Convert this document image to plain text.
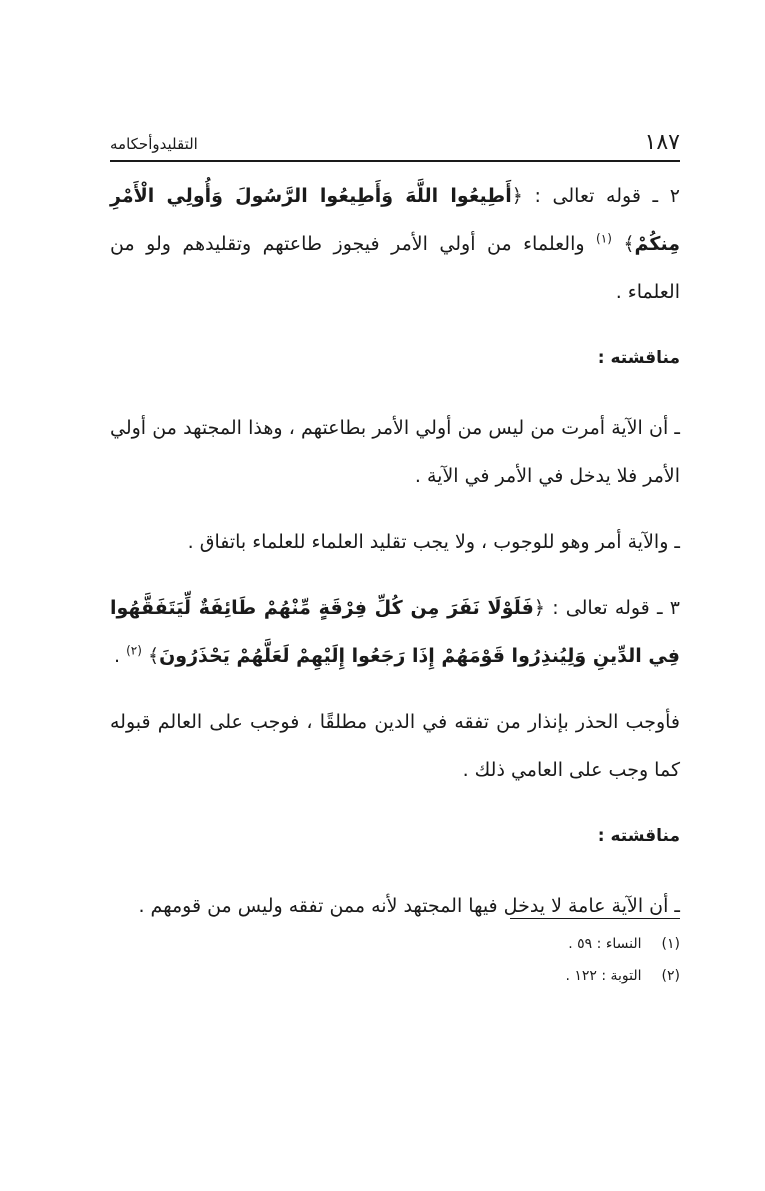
١٨٧
التقليدوأحكامه

٢ ـ قوله تعالى : ﴿أَطِيعُوا اللَّهَ وَأَطِيعُوا الرَّسُولَ وَأُولِي الْأَمْرِ مِنكُمْ﴾ $^{(١)}$ والعلماء من أولي الأمر فيجوز طاعتهم وتقليدهم ولو من العلماء .

مناقشته :

ـ أن الآية أمرت من ليس من أولي الأمر بطاعتهم ، وهذا المجتهد من أولي الأمر فلا يدخل في الأمر في الآية .

ـ والآية أمر وهو للوجوب ، ولا يجب تقليد العلماء للعلماء باتفاق .

٣ ـ قوله تعالى : ﴿فَلَوْلَا نَفَرَ مِن كُلِّ فِرْقَةٍ مِّنْهُمْ طَائِفَةٌ لِّيَتَفَقَّهُوا فِي الدِّينِ وَلِيُنذِرُوا قَوْمَهُمْ إِذَا رَجَعُوا إِلَيْهِمْ لَعَلَّهُمْ يَحْذَرُونَ﴾ $^{(٢)}$ .

فأوجب الحذر بإنذار من تفقه في الدين مطلقًا ، فوجب على العالم قبوله كما وجب على العامي ذلك .

مناقشته :

ـ أن الآية عامة لا يدخل فيها المجتهد لأنه ممن تفقه وليس من قومهم .

(١) النساء : ٥٩ .
(٢) التوبة : ١٢٢ .
